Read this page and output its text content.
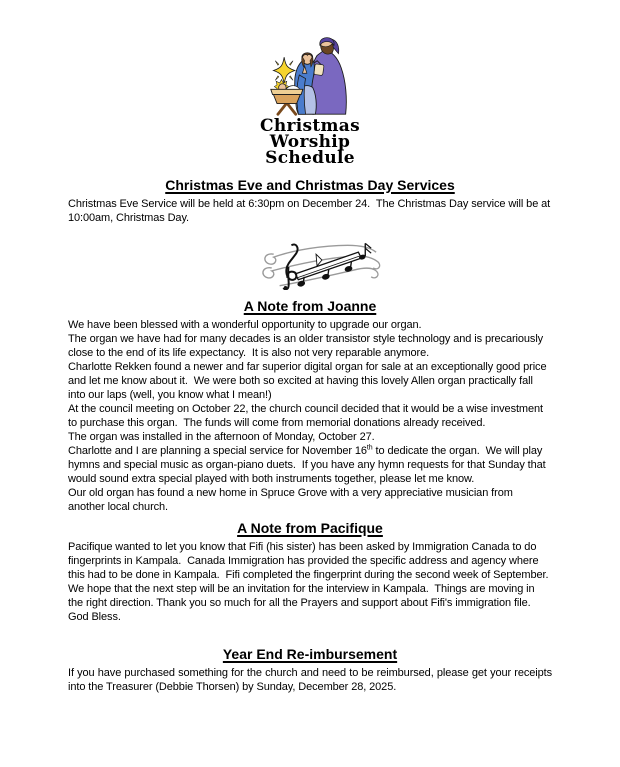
Christmas
Worship
Schedule
Christmas Eve and Christmas Day Services

Christmas Eve Service will be held at 6:30pm on December 24.  The Christmas Day service will be at 10:00am, Christmas Day.

A Note from Joanne

We have been blessed with a wonderful opportunity to upgrade our organ.

The organ we have had for many decades is an older transistor style technology and is precariously close to the end of its life expectancy.  It is also not very reparable anymore.

Charlotte Rekken found a newer and far superior digital organ for sale at an exceptionally good price and let me know about it.  We were both so excited at having this lovely Allen organ practically fall into our laps (well, you know what I mean!)

At the council meeting on October 22, the church council decided that it would be a wise investment to purchase this organ.  The funds will come from memorial donations already received.

The organ was installed in the afternoon of Monday, October 27.

Charlotte and I are planning a special service for November 16th to dedicate the organ.  We will play hymns and special music as organ-piano duets.  If you have any hymn requests for that Sunday that would sound extra special played with both instruments together, please let me know.

Our old organ has found a new home in Spruce Grove with a very appreciative musician from another local church.

A Note from Pacifique

Pacifique wanted to let you know that Fifi (his sister) has been asked by Immigration Canada to do fingerprints in Kampala.  Canada Immigration has provided the specific address and agency where this had to be done in Kampala.  Fifi completed the fingerprint during the second week of September. We hope that the next step will be an invitation for the interview in Kampala.  Things are moving in the right direction. Thank you so much for all the Prayers and support about Fifi's immigration file. God Bless.

Year End Re-imbursement

If you have purchased something for the church and need to be reimbursed, please get your receipts into the Treasurer (Debbie Thorsen) by Sunday, December 28, 2025.
